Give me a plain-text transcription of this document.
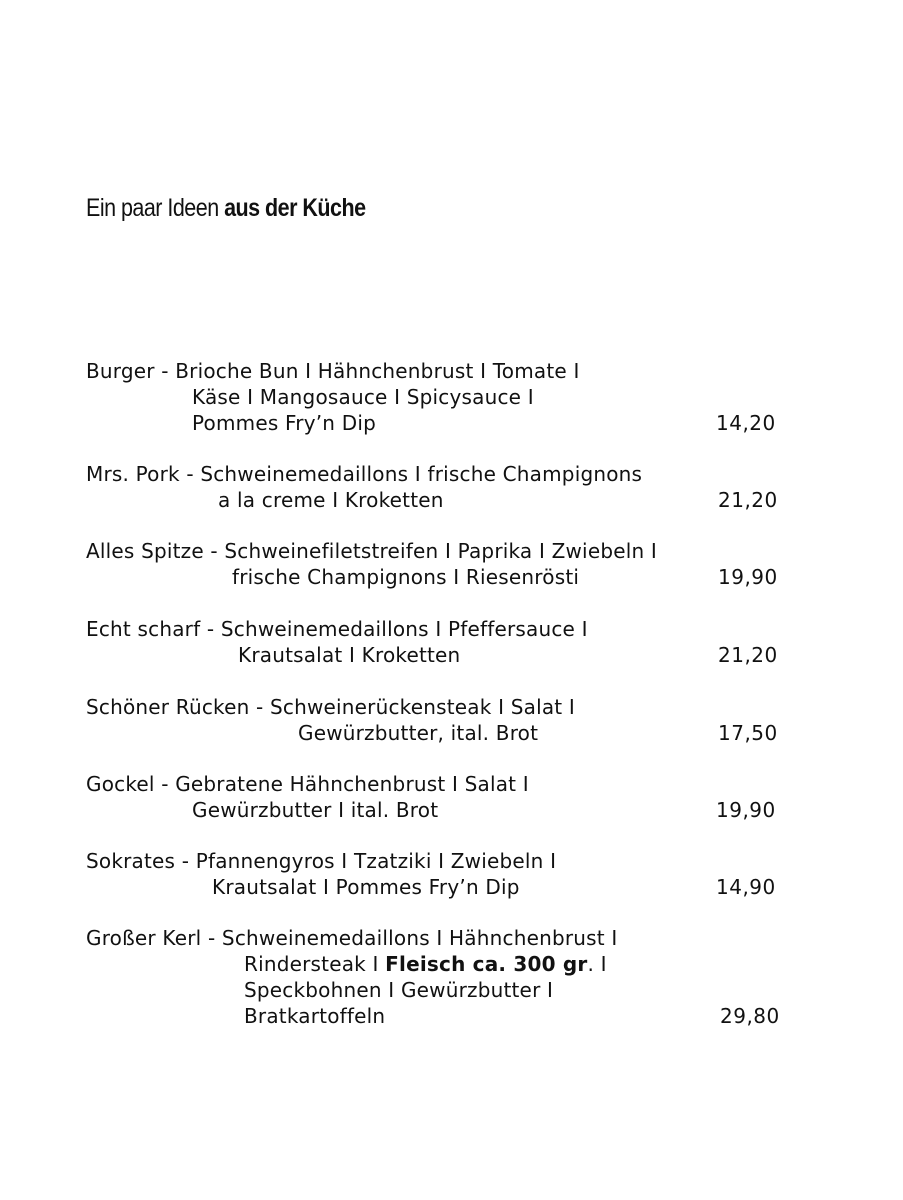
Ein paar Ideen aus der Küche
Burger - Brioche Bun I Hähnchenbrust I Tomate I
Käse I Mangosauce I Spicysauce I
Pommes Fry’n Dip	14,20
Mrs. Pork - Schweinemedaillons I frische Champignons
a la creme I Kroketten	21,20
Alles Spitze - Schweinefiletstreifen I Paprika I Zwiebeln I
frische Champignons I Riesenrösti	19,90
Echt scharf - Schweinemedaillons I Pfeffersauce I
Krautsalat I Kroketten	21,20
Schöner Rücken - Schweinerückensteak I Salat I
Gewürzbutter, ital. Brot	17,50
Gockel - Gebratene Hähnchenbrust I Salat I
Gewürzbutter I ital. Brot	19,90
Sokrates - Pfannengyros I Tzatziki I Zwiebeln I
Krautsalat I Pommes Fry’n Dip	14,90
Großer Kerl - Schweinemedaillons I Hähnchenbrust I
Rindersteak I Fleisch ca. 300 gr. I
Speckbohnen I Gewürzbutter I
Bratkartoffeln	29,80
